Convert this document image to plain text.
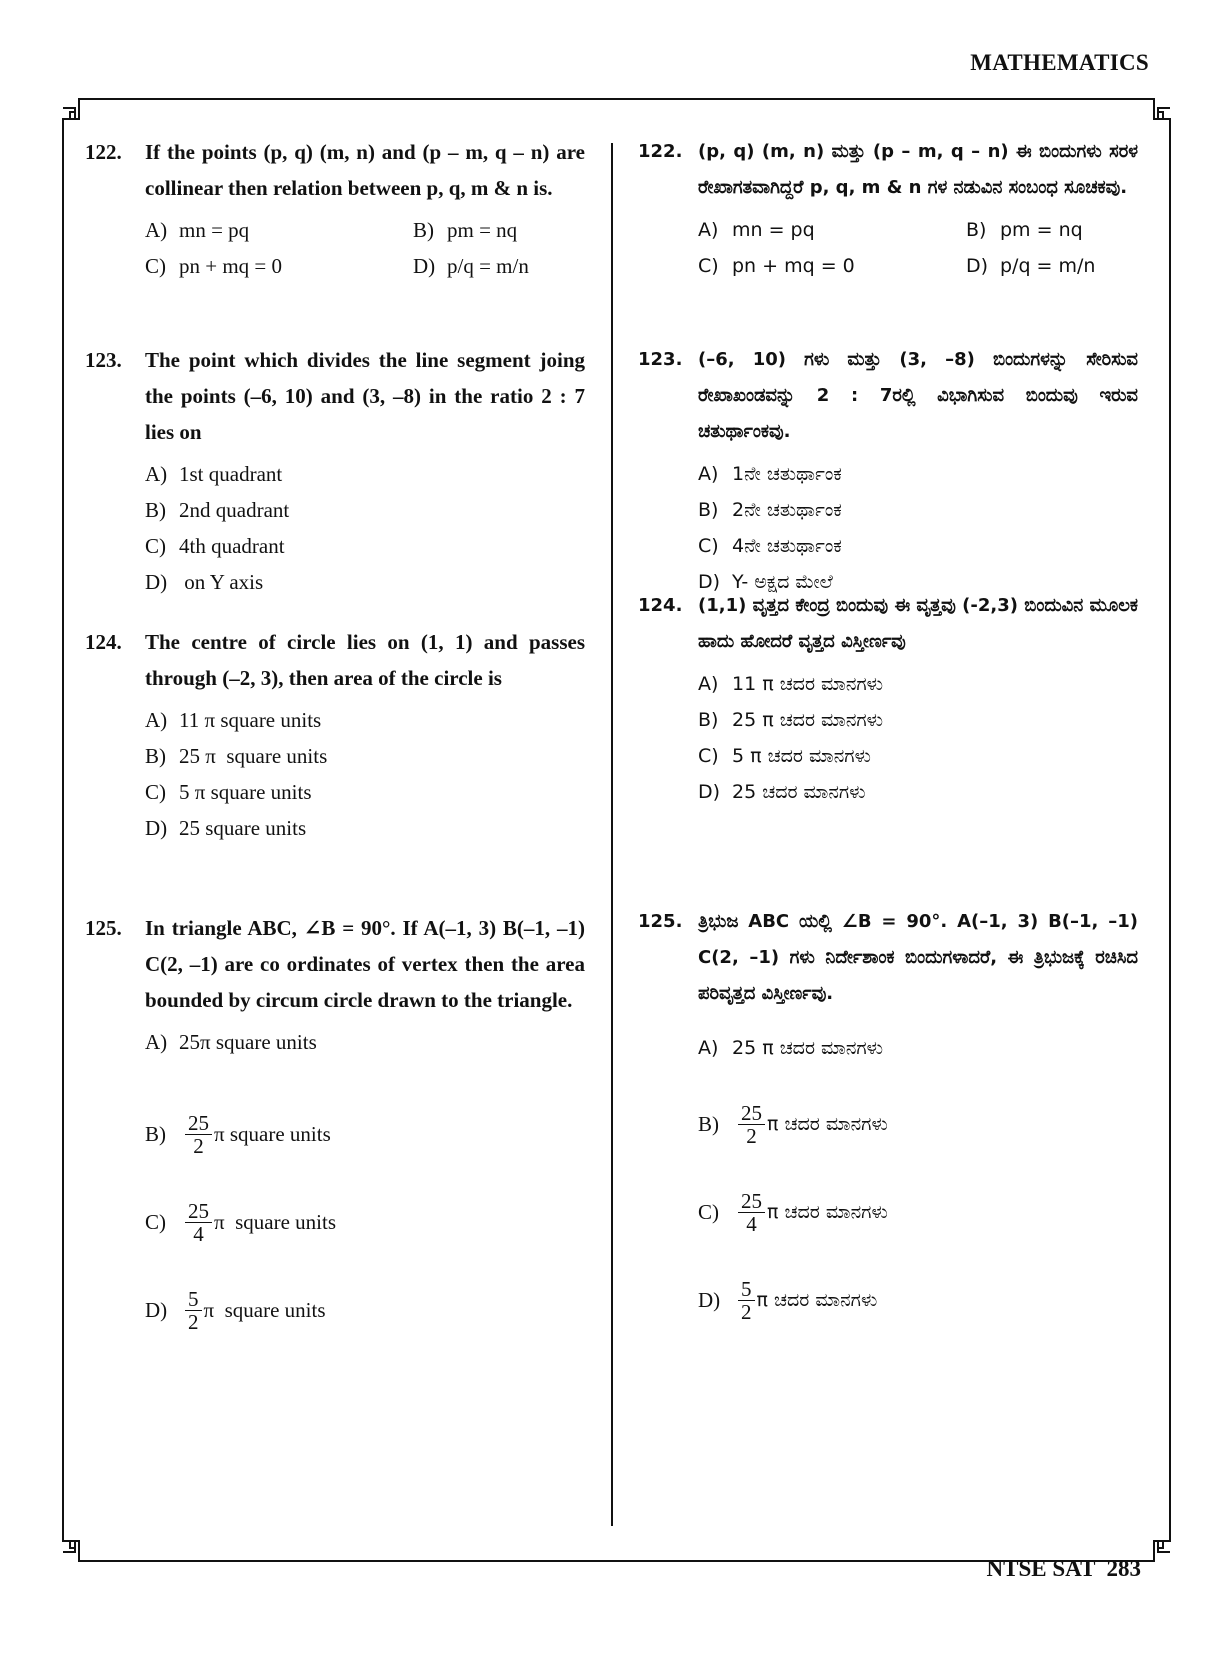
MATHEMATICS
122.	If the points (p, q) (m, n) and (p – m, q – n) are collinear then relation between p, q, m & n is.
A) mn = pq	B) pm = nq
C) pn + mq = 0	D) p/q = m/n
123.	The point which divides the line segment joing the points (–6, 10) and (3, –8) in the ratio 2 : 7 lies on
A) 1st quadrant
B) 2nd quadrant
C) 4th quadrant
D) on Y axis
124.	The centre of circle lies on (1, 1) and passes through (–2, 3), then area of the circle is
A) 11 π square units
B) 25 π  square units
C) 5 π square units
D) 25 square units
125.	In triangle ABC, ∠B = 90°. If A(–1, 3) B(–1, –1) C(2, –1) are co ordinates of vertex then the area bounded by circum circle drawn to the triangle.
A) 25π square units
$B) \frac{25}{2}$ π square units
$C) \frac{25}{4}$ π  square units
$D) \frac{5}{2}$ π  square units
122. (p, q) (m, n) ಮತ್ತು (p – m, q – n) ಈ ಬಿಂದುಗಳು ಸರಳ ರೇಖಾಗತವಾಗಿದ್ದರೆ p, q, m & n ಗಳ ನಡುವಿನ ಸಂಬಂಧ ಸೂಚಕವು.
A) mn = pq	B) pm = nq
C) pn + mq = 0	D) p/q = m/n
123. (–6, 10) ಗಳು ಮತ್ತು (3, –8) ಬಿಂದುಗಳನ್ನು ಸೇರಿಸುವ ರೇಖಾಖಂಡವನ್ನು 2 : 7ರಲ್ಲಿ ವಿಭಾಗಿಸುವ ಬಿಂದುವು ಇರುವ ಚತುರ್ಥಾಂಕವು.
A) 1ನೇ ಚತುರ್ಥಾಂಕ
B) 2ನೇ ಚತುರ್ಥಾಂಕ
C) 4ನೇ ಚತುರ್ಥಾಂಕ
D) Y- ಅಕ್ಷದ ಮೇಲೆ
124. (1,1) ವೃತ್ತದ ಕೇಂದ್ರ ಬಿಂದುವು ಈ ವೃತ್ತವು (-2,3) ಬಿಂದುವಿನ ಮೂಲಕ ಹಾದು ಹೋದರೆ ವೃತ್ತದ ವಿಸ್ತೀರ್ಣವು
A) 11 π ಚದರ ಮಾನಗಳು
B) 25 π ಚದರ ಮಾನಗಳು
C) 5 π ಚದರ ಮಾನಗಳು
D) 25 ಚದರ ಮಾನಗಳು
125. ತ್ರಿಭುಜ ABC ಯಲ್ಲಿ ∠B = 90°. A(–1, 3) B(–1, –1) C(2, –1) ಗಳು ನಿರ್ದೇಶಾಂಕ ಬಿಂದುಗಳಾದರೆ, ಈ ತ್ರಿಭುಜಕ್ಕೆ ರಚಿಸಿದ ಪರಿವೃತ್ತದ ವಿಸ್ತೀರ್ಣವು.
A) 25 π ಚದರ ಮಾನಗಳು
$B) \frac{25}{2}$ π ಚದರ ಮಾನಗಳು
$C) \frac{25}{4}$ π ಚದರ ಮಾನಗಳು
$D) \frac{5}{2}$ π ಚದರ ಮಾನಗಳು
NTSE SAT  283
